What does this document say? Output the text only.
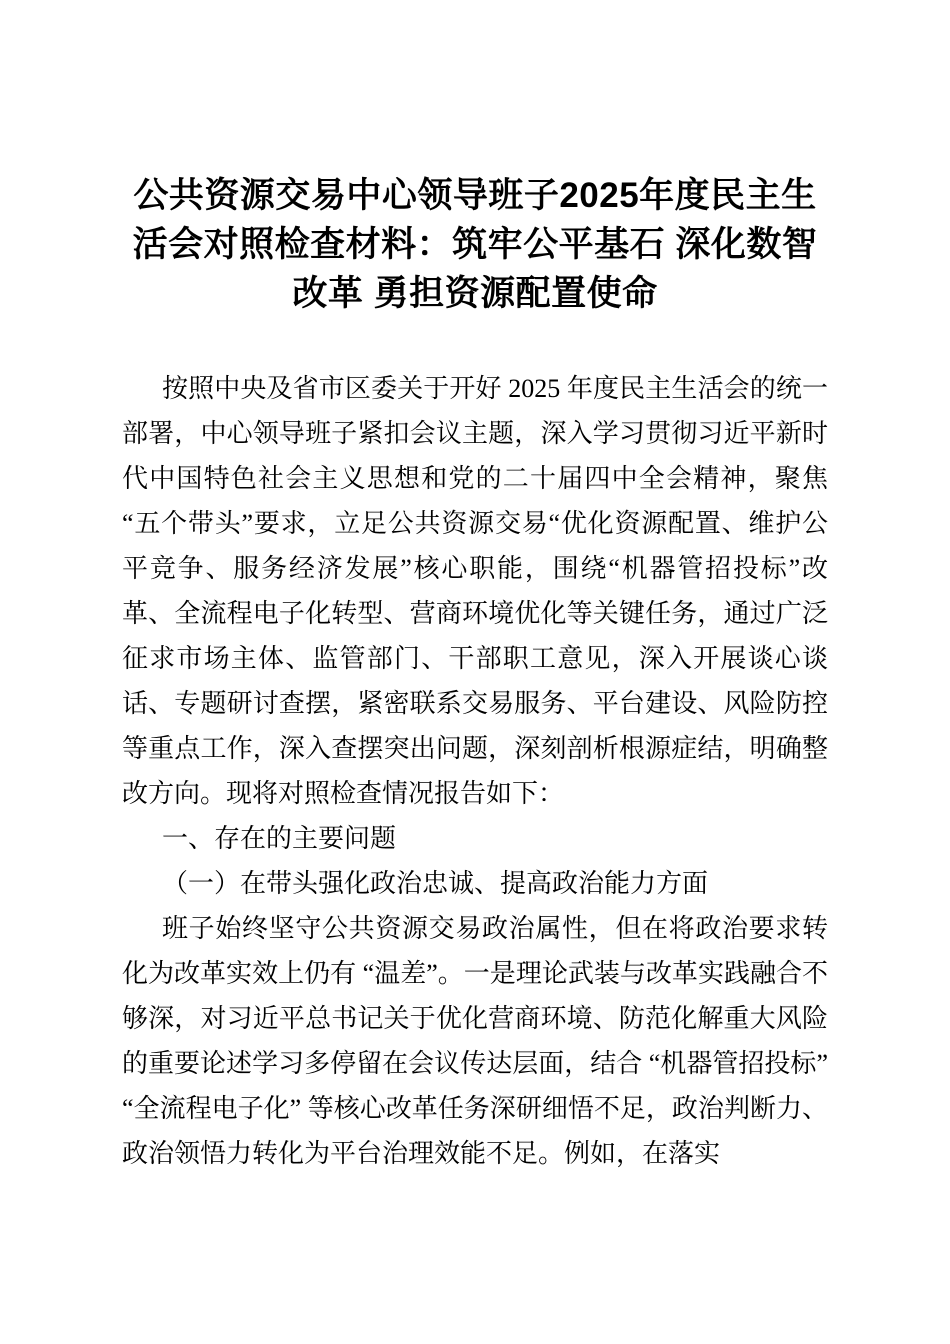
公共资源交易中心领导班子2025年度民主生活会对照检查材料：筑牢公平基石 深化数智改革 勇担资源配置使命

按照中央及省市区委关于开好 2025 年度民主生活会的统一部署，中心领导班子紧扣会议主题，深入学习贯彻习近平新时代中国特色社会主义思想和党的二十届四中全会精神，聚焦“五个带头”要求，立足公共资源交易“优化资源配置、维护公平竞争、服务经济发展”核心职能，围绕“机器管招投标”改革、全流程电子化转型、营商环境优化等关键任务，通过广泛征求市场主体、监管部门、干部职工意见，深入开展谈心谈话、专题研讨查摆，紧密联系交易服务、平台建设、风险防控等重点工作，深入查摆突出问题，深刻剖析根源症结，明确整改方向。现将对照检查情况报告如下：

一、存在的主要问题

（一）在带头强化政治忠诚、提高政治能力方面

班子始终坚守公共资源交易政治属性，但在将政治要求转化为改革实效上仍有 “温差”。一是理论武装与改革实践融合不够深，对习近平总书记关于优化营商环境、防范化解重大风险的重要论述学习多停留在会议传达层面，结合 “机器管招投标”“全流程电子化” 等核心改革任务深研细悟不足，政治判断力、政治领悟力转化为平台治理效能不足。例如，在落实
